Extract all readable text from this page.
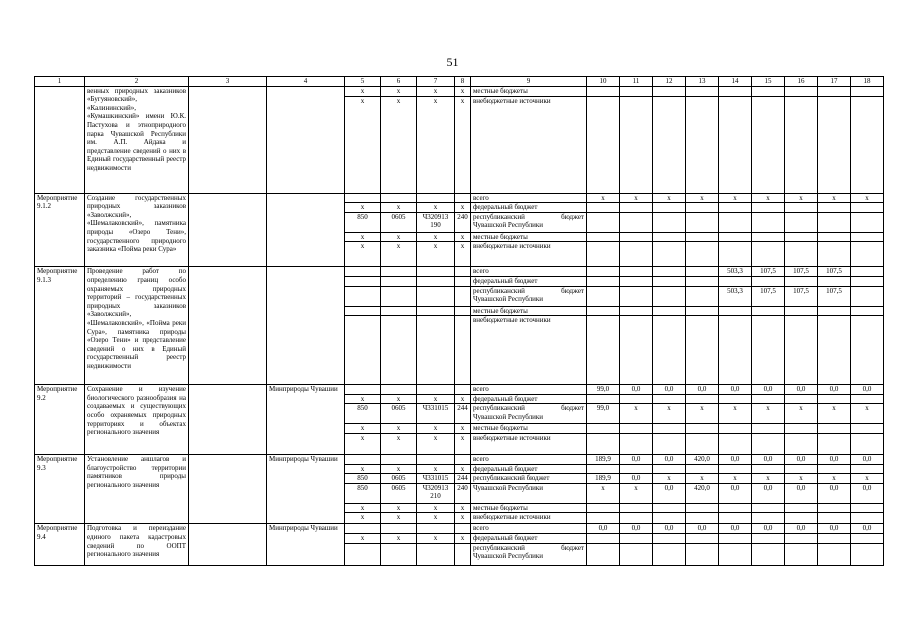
51
1	2	3	4	5	6	7	8	9	10	11	12	13	14	15	16	17	18
	венных природных заказников «Бугуяновский», «Калининский», «Кумашкинский» имени Ю.К. Пастухова и этноприродного парка Чувашской Республики им. А.П. Айдака и представление сведений о них в Единый государственный реестр недвижимости			х	х	х	х	местные бюджеты									
				х	х	х	х	внебюджетные источники									
Мероприятие 9.1.2	Создание государственных природных заказников «Заволжский», «Шемалаковский», памятника природы «Озеро Тени», государственного природного заказника «Пойма реки Сура»							всего	х	х	х	х	х	х	х	х	х
				х	х	х	х	федеральный бюджет									
				850	0605	Ч320913 190	240	республиканский бюджет Чувашской Республики									
				х	х	х	х	местные бюджеты									
				х	х	х	х	внебюджетные источники									
Мероприятие 9.1.3	Проведение работ по определению границ особо охраняемых природных территорий – государственных природных заказников «Заволжский», «Шемалаковский», «Пойма реки Сура», памятника природы «Озеро Тени» и представление сведений о них в Единый государственный реестр недвижимости							всего					503,3	107,5	107,5	107,5	
								федеральный бюджет									
								республиканский бюджет Чувашской Республики					503,3	107,5	107,5	107,5	
								местные бюджеты									
								внебюджетные источники									
Мероприятие 9.2	Сохранение и изучение биологического разнообразия на создаваемых и существующих особо охраняемых природных территориях и объектах регионального значения		Минприроды Чувашии					всего	99,0	0,0	0,0	0,0	0,0	0,0	0,0	0,0	0,0
				х	х	х	х	федеральный бюджет									
				850	0605	Ч331015	244	республиканский бюджет Чувашской Республики	99,0	х	х	х	х	х	х	х	х
				х	х	х	х	местные бюджеты									
				х	х	х	х	внебюджетные источники									
Мероприятие 9.3	Установление аншлагов и благоустройство территории памятников природы регионального значения		Минприроды Чувашии					всего	189,9	0,0	0,0	420,0	0,0	0,0	0,0	0,0	0,0
				х	х	х	х	федеральный бюджет									
				850	0605	Ч331015	244	республиканский бюджет	189,9	0,0	х	х	х	х	х	х	х
				850	0605	Ч320913 210	240	Чувашской Республики	х	х	0,0	420,0	0,0	0,0	0,0	0,0	0,0
				х	х	х	х	местные бюджеты									
				х	х	х	х	внебюджетные источники									
Мероприятие 9.4	Подготовка и переиздание единого пакета кадастровых сведений по ООПТ регионального значения		Минприроды Чувашии					всего	0,0	0,0	0,0	0,0	0,0	0,0	0,0	0,0	0,0
				х	х	х	х	федеральный бюджет									
								республиканский бюджет Чувашской Республики									
